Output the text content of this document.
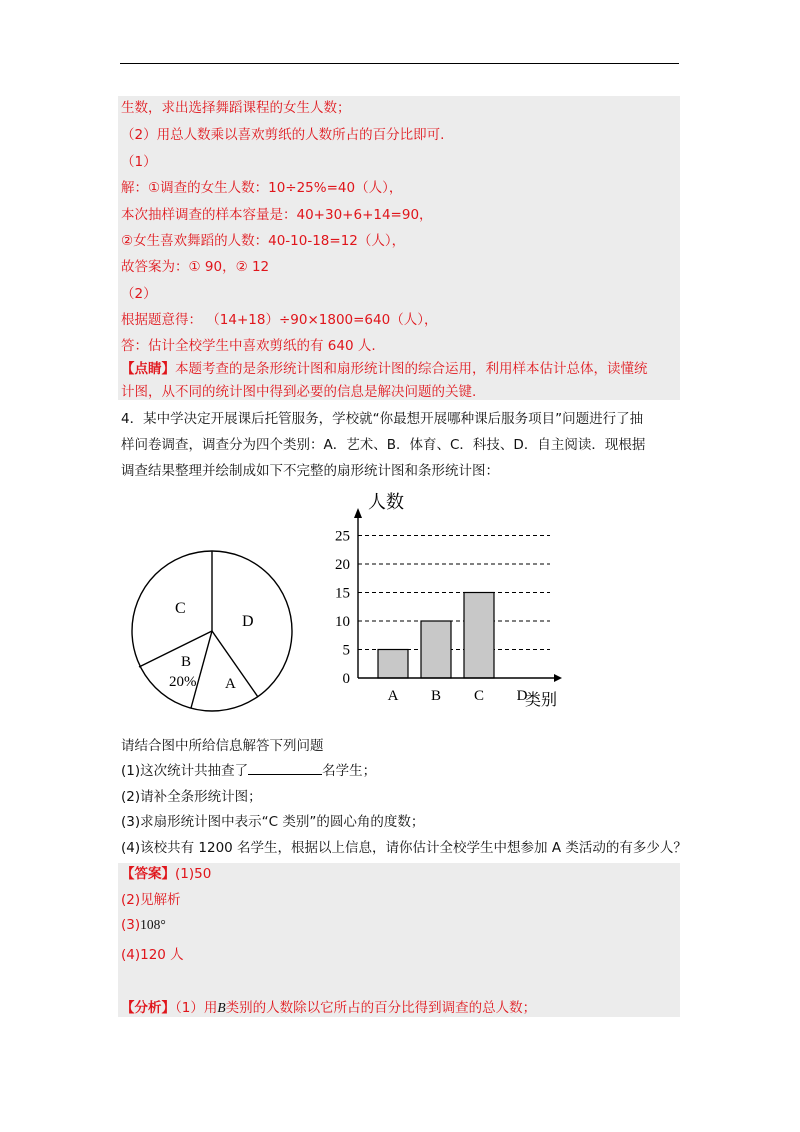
生数，求出选择舞蹈课程的女生人数；
（2）用总人数乘以喜欢剪纸的人数所占的百分比即可.
（1）
解：①调查的女生人数：10÷25%=40（人），
本次抽样调查的样本容量是：40+30+6+14=90，
②女生喜欢舞蹈的人数：40-10-18=12（人），
故答案为：① 90，② 12
（2）
根据题意得： （14+18）÷90×1800=640（人），
答：估计全校学生中喜欢剪纸的有 640 人.
【点睛】本题考查的是条形统计图和扇形统计图的综合运用，利用样本估计总体，读懂统
计图，从不同的统计图中得到必要的信息是解决问题的关键.
4．某中学决定开展课后托管服务，学校就“你最想开展哪种课后服务项目”问题进行了抽
样问卷调查，调查分为四个类别：A．艺术、B．体育、C．科技、D．自主阅读．现根据
调查结果整理并绘制成如下不完整的扇形统计图和条形统计图：
C
D
B
20% A	0
5
10
15
20
25
A B C D
人数
类别
请结合图中所给信息解答下列问题
(1)这次统计共抽查了	名学生；
(2)请补全条形统计图；
(3)求扇形统计图中表示“C 类别”的圆心角的度数；
(4)该校共有 1200 名学生，根据以上信息，请你估计全校学生中想参加 A 类活动的有多少人？
【答案】(1)50
(2)见解析
(3)108°
(4)120 人
【分析】（1）用B类别的人数除以它所占的百分比得到调查的总人数；
